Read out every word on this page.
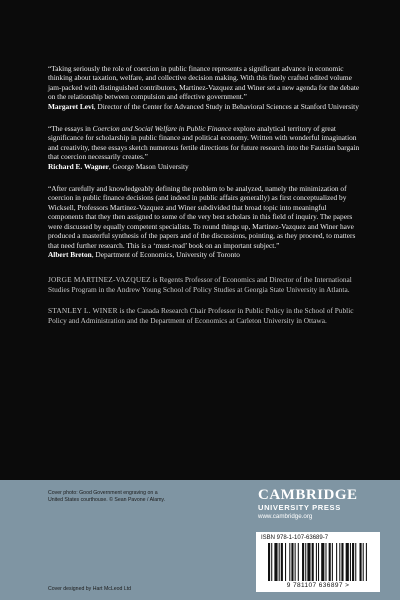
“Taking seriously the role of coercion in public finance represents a significant advance in economic thinking about taxation, welfare, and collective decision making. With this finely crafted edited volume jam-packed with distinguished contributors, Martinez-Vazquez and Winer set a new agenda for the debate on the relationship between compulsion and effective government.”

Margaret Levi, Director of the Center for Advanced Study in Behavioral Sciences at Stanford University

“The essays in Coercion and Social Welfare in Public Finance explore analytical territory of great significance for scholarship in public finance and political economy. Written with wonderful imagination and creativity, these essays sketch numerous fertile directions for future research into the Faustian bargain that coercion necessarily creates.”

Richard E. Wagner, George Mason University

“After carefully and knowledgeably defining the problem to be analyzed, namely the minimization of coercion in public finance decisions (and indeed in public affairs generally) as first conceptualized by Wicksell, Professors Martinez-Vazquez and Winer subdivided that broad topic into meaningful components that they then assigned to some of the very best scholars in this field of inquiry. The papers were discussed by equally competent specialists. To round things up, Martinez-Vazquez and Winer have produced a masterful synthesis of the papers and of the discussions, pointing, as they proceed, to matters that need further research. This is a ‘must-read’ book on an important subject.”

Albert Breton, Department of Economics, University of Toronto

JORGE MARTINEZ-VAZQUEZ is Regents Professor of Economics and Director of the International Studies Program in the Andrew Young School of Policy Studies at Georgia State University in Atlanta.

STANLEY L. WINER is the Canada Research Chair Professor in Public Policy in the School of Public Policy and Administration and the Department of Economics at Carleton University in Ottawa.

Cover photo: Good Government engraving on a United States courthouse. © Sean Pavone / Alamy.
Cover designed by Hart McLeod Ltd
CAMBRIDGE
UNIVERSITY PRESS
www.cambridge.org
ISBN 978-1-107-63689-7
9 781107 636897 >
